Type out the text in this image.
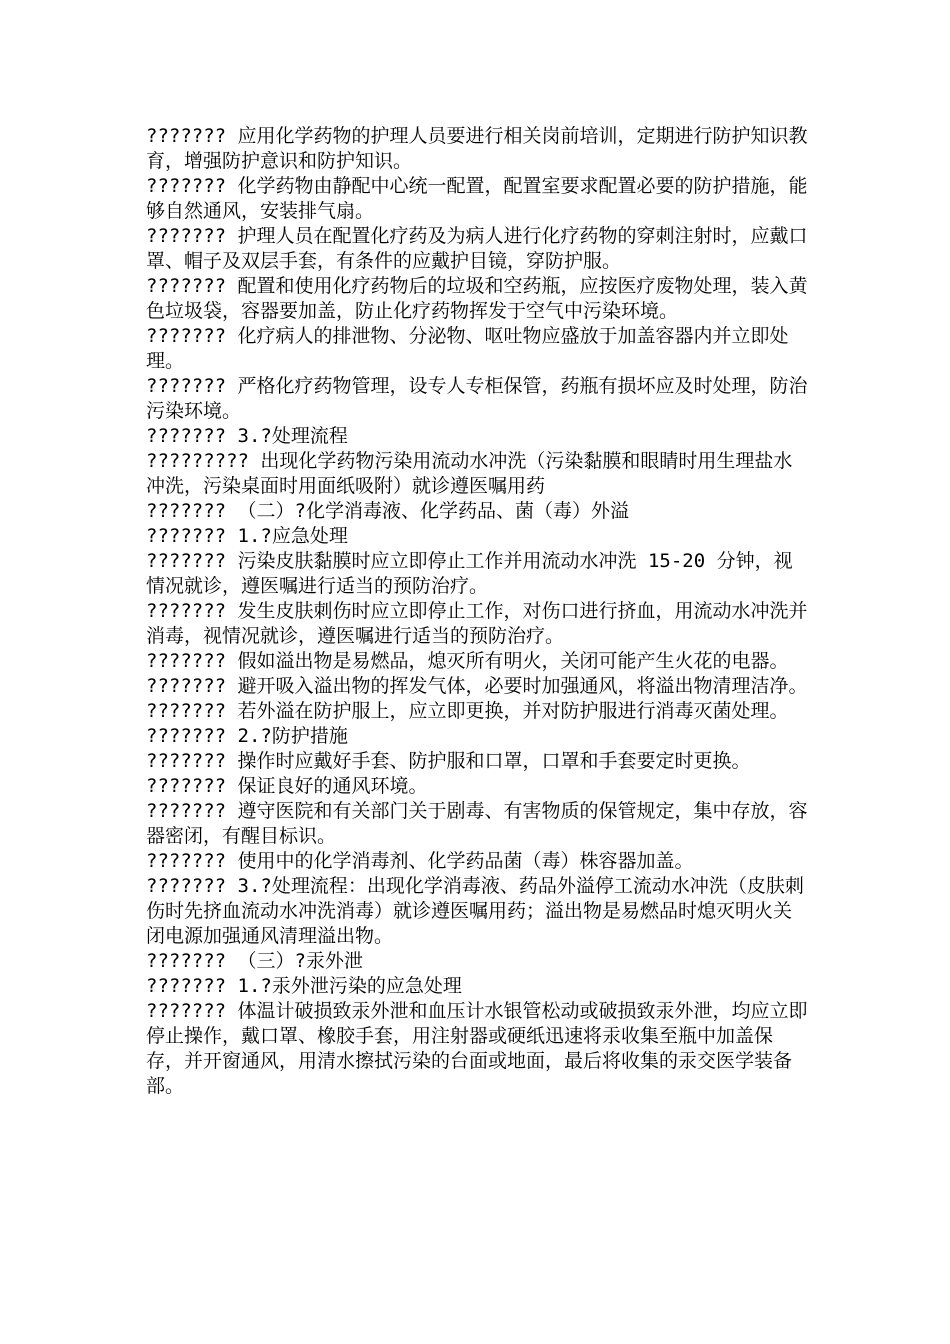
??????? 应用化学药物的护理人员要进行相关岗前培训，定期进行防护知识教育，增强防护意识和防护知识。

??????? 化学药物由静配中心统一配置，配置室要求配置必要的防护措施，能够自然通风，安装排气扇。

??????? 护理人员在配置化疗药及为病人进行化疗药物的穿刺注射时，应戴口罩、帽子及双层手套，有条件的应戴护目镜，穿防护服。

??????? 配置和使用化疗药物后的垃圾和空药瓶，应按医疗废物处理，装入黄色垃圾袋，容器要加盖，防止化疗药物挥发于空气中污染环境。

??????? 化疗病人的排泄物、分泌物、呕吐物应盛放于加盖容器内并立即处理。

??????? 严格化疗药物管理，设专人专柜保管，药瓶有损坏应及时处理，防治污染环境。

??????? 3.?处理流程

????????? 出现化学药物污染用流动水冲洗（污染黏膜和眼睛时用生理盐水冲洗，污染桌面时用面纸吸附）就诊遵医嘱用药

??????? （二）?化学消毒液、化学药品、菌（毒）外溢

??????? 1.?应急处理

??????? 污染皮肤黏膜时应立即停止工作并用流动水冲洗 15-20 分钟，视情况就诊，遵医嘱进行适当的预防治疗。

??????? 发生皮肤刺伤时应立即停止工作，对伤口进行挤血，用流动水冲洗并消毒，视情况就诊，遵医嘱进行适当的预防治疗。

??????? 假如溢出物是易燃品，熄灭所有明火，关闭可能产生火花的电器。

??????? 避开吸入溢出物的挥发气体，必要时加强通风，将溢出物清理洁净。

??????? 若外溢在防护服上，应立即更换，并对防护服进行消毒灭菌处理。

??????? 2.?防护措施

??????? 操作时应戴好手套、防护服和口罩，口罩和手套要定时更换。

??????? 保证良好的通风环境。

??????? 遵守医院和有关部门关于剧毒、有害物质的保管规定，集中存放，容器密闭，有醒目标识。

??????? 使用中的化学消毒剂、化学药品菌（毒）株容器加盖。

??????? 3.?处理流程：出现化学消毒液、药品外溢停工流动水冲洗（皮肤刺伤时先挤血流动水冲洗消毒）就诊遵医嘱用药；溢出物是易燃品时熄灭明火关闭电源加强通风清理溢出物。

??????? （三）?汞外泄

??????? 1.?汞外泄污染的应急处理

??????? 体温计破损致汞外泄和血压计水银管松动或破损致汞外泄，均应立即停止操作，戴口罩、橡胶手套，用注射器或硬纸迅速将汞收集至瓶中加盖保存，并开窗通风，用清水擦拭污染的台面或地面，最后将收集的汞交医学装备部。
